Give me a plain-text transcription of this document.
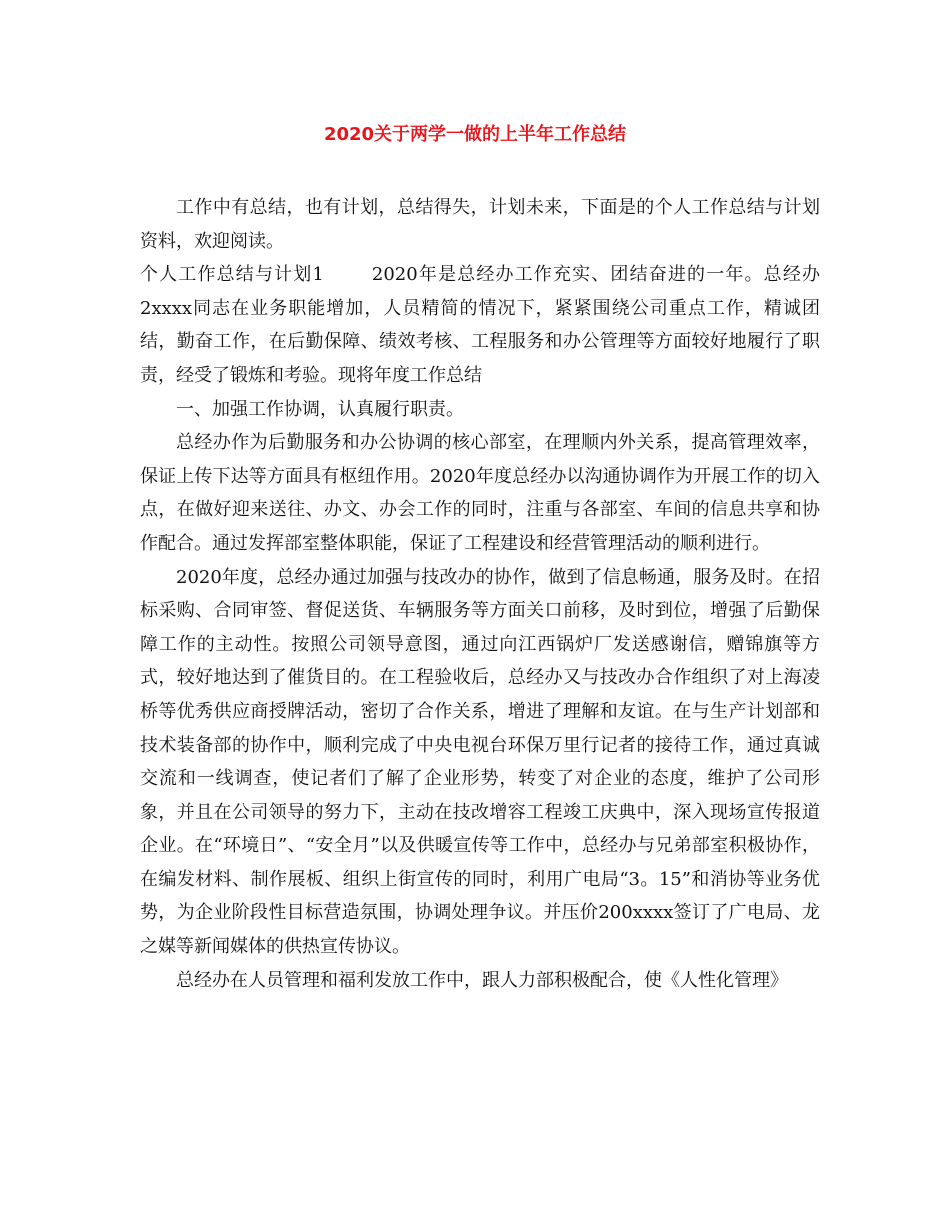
2020关于两学一做的上半年工作总结

工作中有总结，也有计划，总结得失，计划未来，下面是的个人工作总结与计划资料，欢迎阅读。

个人工作总结与计划1	2020年是总经办工作充实、团结奋进的一年。总经办2xxxx同志在业务职能增加，人员精简的情况下，紧紧围绕公司重点工作，精诚团结，勤奋工作，在后勤保障、绩效考核、工程服务和办公管理等方面较好地履行了职责，经受了锻炼和考验。现将年度工作总结

一、加强工作协调，认真履行职责。

总经办作为后勤服务和办公协调的核心部室，在理顺内外关系，提高管理效率，保证上传下达等方面具有枢纽作用。2020年度总经办以沟通协调作为开展工作的切入点，在做好迎来送往、办文、办会工作的同时，注重与各部室、车间的信息共享和协作配合。通过发挥部室整体职能，保证了工程建设和经营管理活动的顺利进行。

2020年度，总经办通过加强与技改办的协作，做到了信息畅通，服务及时。在招标采购、合同审签、督促送货、车辆服务等方面关口前移，及时到位，增强了后勤保障工作的主动性。按照公司领导意图，通过向江西锅炉厂发送感谢信，赠锦旗等方式，较好地达到了催货目的。在工程验收后，总经办又与技改办合作组织了对上海凌桥等优秀供应商授牌活动，密切了合作关系，增进了理解和友谊。在与生产计划部和技术装备部的协作中，顺利完成了中央电视台环保万里行记者的接待工作，通过真诚交流和一线调查，使记者们了解了企业形势，转变了对企业的态度，维护了公司形象，并且在公司领导的努力下，主动在技改增容工程竣工庆典中，深入现场宣传报道企业。在“环境日”、“安全月”以及供暖宣传等工作中，总经办与兄弟部室积极协作，在编发材料、制作展板、组织上街宣传的同时，利用广电局“3。15”和消协等业务优势，为企业阶段性目标营造氛围，协调处理争议。并压价200xxxx签订了广电局、龙之媒等新闻媒体的供热宣传协议。

总经办在人员管理和福利发放工作中，跟人力部积极配合，使《人性化管理》
